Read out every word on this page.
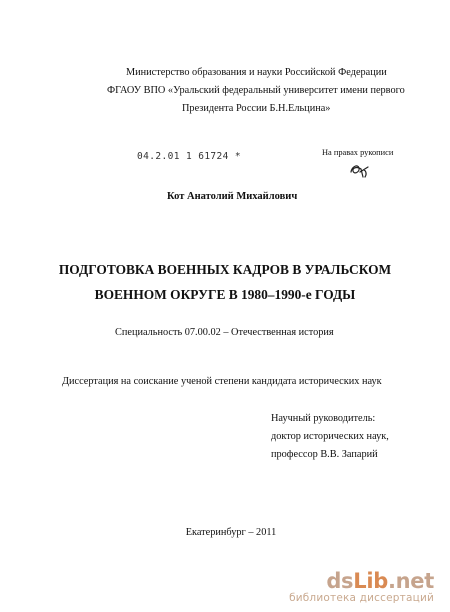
Министерство образования и науки Российской Федерации
ФГАОУ ВПО «Уральский федеральный университет имени первого
Президента России Б.Н.Ельцина»
04.2.01 1 61724 *	На правах рукописи
Кот Анатолий Михайлович
ПОДГОТОВКА ВОЕННЫХ КАДРОВ В УРАЛЬСКОМ
ВОЕННОМ ОКРУГЕ В 1980–1990-е ГОДЫ
Специальность 07.00.02 – Отечественная история
Диссертация на соискание ученой степени кандидата исторических наук
Научный руководитель:
доктор исторических наук,
профессор В.В. Запарий
Екатеринбург – 2011
dsLib.net
библиотека диссертаций
